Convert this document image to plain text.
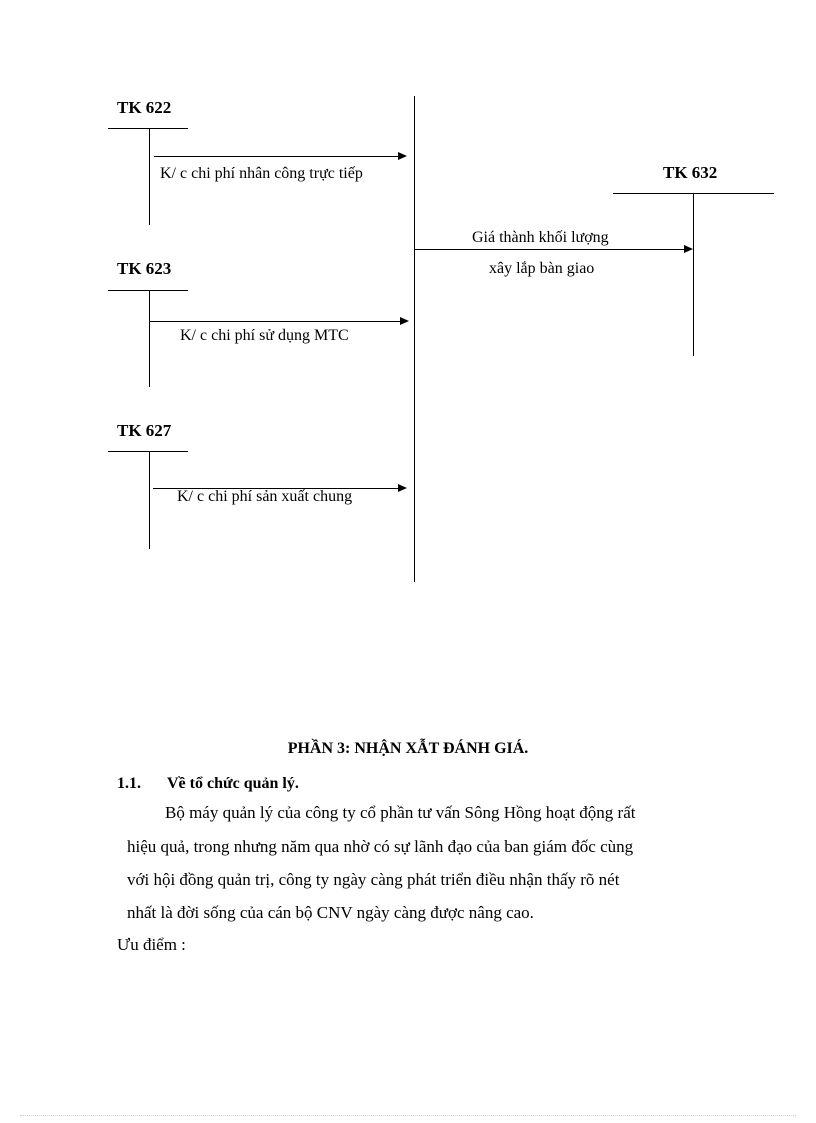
TK 622
K/ c chi phí nhân công trực tiếp	TK 632
Giá thành khối lượng
xây lắp bàn giao
TK 623
K/ c chi phí sử dụng MTC
TK 627
K/ c chi phí sản xuất chung
PHẦN 3: NHẬN XẪT ĐÁNH GIÁ.
1.1. Về tổ chức quản lý.
Bộ máy quản lý của công ty cổ phần tư vấn Sông Hồng hoạt động rất
hiệu quả, trong nhưng năm qua nhờ có sự lãnh đạo của ban giám đốc cùng
với hội đồng quản trị, công ty ngày càng phát triển điều nhận thấy rõ nét
nhất là đời sống của cán bộ CNV ngày càng được nâng cao.
Ưu điểm :
